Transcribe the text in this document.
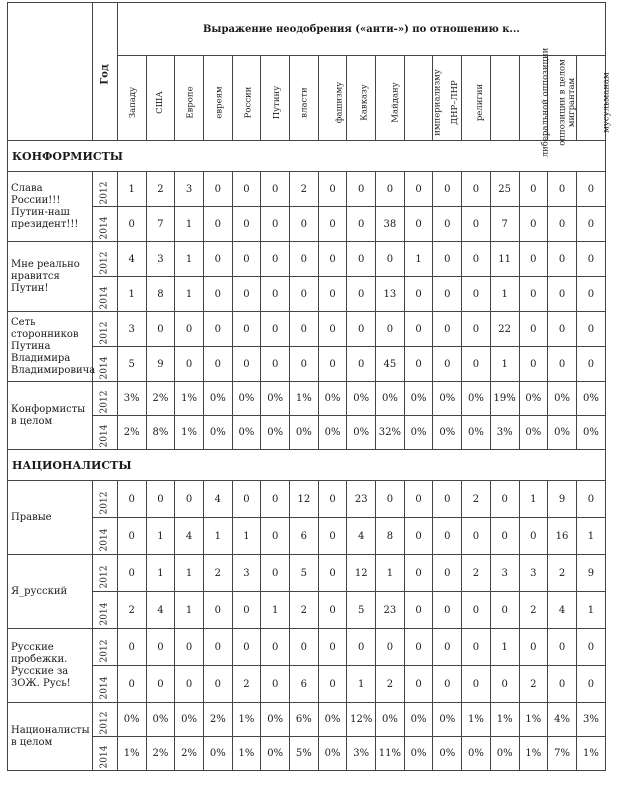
	Год	Выражение неодобрения («анти-») по отношению к...																
		Западу	США	Европе	евреям	России	Путину	власти	фашизму	Кавказу	Майдану	империализму	ДНР–ЛНР	религии	либеральной оппозиции	оппозиции в целом	мигрантам	мусульманам
КОНФОРМИСТЫ																		
Слава России!!! Путин-наш президент!!!	2012	1	2	3	0	0	0	2	0	0	0	0	0	0	25	0	0	0
	2014	0	7	1	0	0	0	0	0	0	38	0	0	0	7	0	0	0
Мне реально нравится Путин!	2012	4	3	1	0	0	0	0	0	0	0	1	0	0	11	0	0	0
	2014	1	8	1	0	0	0	0	0	0	13	0	0	0	1	0	0	0
Сеть сторонников Путина Владимира Владимировича	2012	3	0	0	0	0	0	0	0	0	0	0	0	0	22	0	0	0
	2014	5	9	0	0	0	0	0	0	0	45	0	0	0	1	0	0	0
Конформисты в целом	2012	3%	2%	1%	0%	0%	0%	1%	0%	0%	0%	0%	0%	0%	19%	0%	0%	0%
	2014	2%	8%	1%	0%	0%	0%	0%	0%	0%	32%	0%	0%	0%	3%	0%	0%	0%
НАЦИОНАЛИСТЫ																		
Правые	2012	0	0	0	4	0	0	12	0	23	0	0	0	2	0	1	9	0
	2014	0	1	4	1	1	0	6	0	4	8	0	0	0	0	0	16	1
Я_русский	2012	0	1	1	2	3	0	5	0	12	1	0	0	2	3	3	2	9
	2014	2	4	1	0	0	1	2	0	5	23	0	0	0	0	2	4	1
Русские пробежки. Русские за ЗОЖ. Русь!	2012	0	0	0	0	0	0	0	0	0	0	0	0	0	1	0	0	0
	2014	0	0	0	0	2	0	6	0	1	2	0	0	0	0	2	0	0
Националисты в целом	2012	0%	0%	0%	2%	1%	0%	6%	0%	12%	0%	0%	0%	1%	1%	1%	4%	3%
	2014	1%	2%	2%	0%	1%	0%	5%	0%	3%	11%	0%	0%	0%	0%	1%	7%	1%
